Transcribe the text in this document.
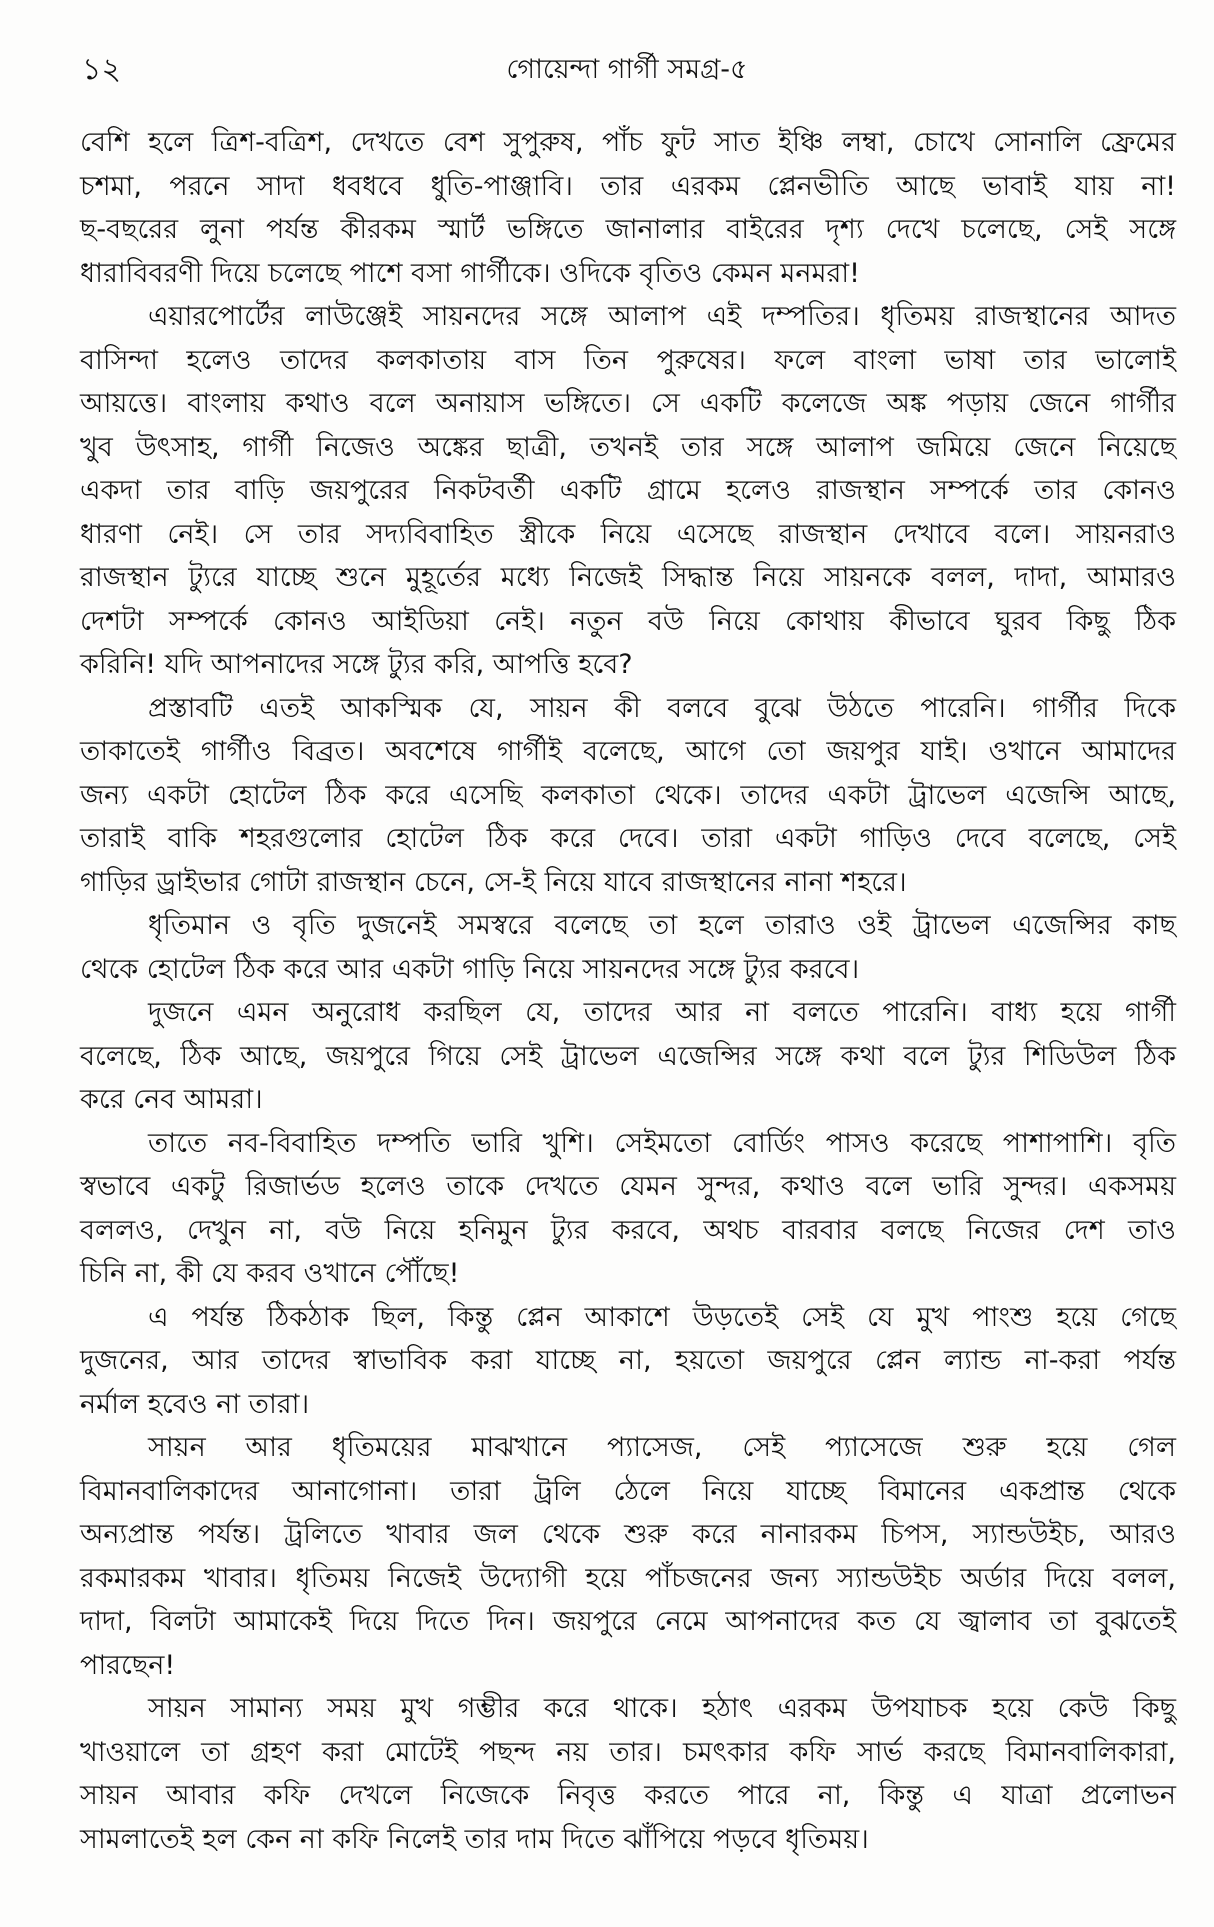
১২	গোয়েন্দা গার্গী সমগ্র-৫
বেশি হলে ত্রিশ-বত্রিশ, দেখতে বেশ সুপুরুষ, পাঁচ ফুট সাত ইঞ্চি লম্বা, চোখে সোনালি ফ্রেমের
চশমা, পরনে সাদা ধবধবে ধুতি-পাঞ্জাবি। তার এরকম প্লেনভীতি আছে ভাবাই যায় না!
ছ-বছরের লুনা পর্যন্ত কীরকম স্মার্ট ভঙ্গিতে জানালার বাইরের দৃশ্য দেখে চলেছে, সেই সঙ্গে
ধারাবিবরণী দিয়ে চলেছে পাশে বসা গার্গীকে। ওদিকে বৃতিও কেমন মনমরা!
এয়ারপোর্টের লাউঞ্জেই সায়নদের সঙ্গে আলাপ এই দম্পতির। ধৃতিময় রাজস্থানের আদত
বাসিন্দা হলেও তাদের কলকাতায় বাস তিন পুরুষের। ফলে বাংলা ভাষা তার ভালোই
আয়ত্তে। বাংলায় কথাও বলে অনায়াস ভঙ্গিতে। সে একটি কলেজে অঙ্ক পড়ায় জেনে গার্গীর
খুব উৎসাহ, গার্গী নিজেও অঙ্কের ছাত্রী, তখনই তার সঙ্গে আলাপ জমিয়ে জেনে নিয়েছে
একদা তার বাড়ি জয়পুরের নিকটবর্তী একটি গ্রামে হলেও রাজস্থান সম্পর্কে তার কোনও
ধারণা নেই। সে তার সদ্যবিবাহিত স্ত্রীকে নিয়ে এসেছে রাজস্থান দেখাবে বলে। সায়নরাও
রাজস্থান ট্যুরে যাচ্ছে শুনে মুহূর্তের মধ্যে নিজেই সিদ্ধান্ত নিয়ে সায়নকে বলল, দাদা, আমারও
দেশটা সম্পর্কে কোনও আইডিয়া নেই। নতুন বউ নিয়ে কোথায় কীভাবে ঘুরব কিছু ঠিক
করিনি! যদি আপনাদের সঙ্গে ট্যুর করি, আপত্তি হবে?
প্রস্তাবটি এতই আকস্মিক যে, সায়ন কী বলবে বুঝে উঠতে পারেনি। গার্গীর দিকে
তাকাতেই গার্গীও বিব্রত। অবশেষে গার্গীই বলেছে, আগে তো জয়পুর যাই। ওখানে আমাদের
জন্য একটা হোটেল ঠিক করে এসেছি কলকাতা থেকে। তাদের একটা ট্রাভেল এজেন্সি আছে,
তারাই বাকি শহরগুলোর হোটেল ঠিক করে দেবে। তারা একটা গাড়িও দেবে বলেছে, সেই
গাড়ির ড্রাইভার গোটা রাজস্থান চেনে, সে-ই নিয়ে যাবে রাজস্থানের নানা শহরে।
ধৃতিমান ও বৃতি দুজনেই সমস্বরে বলেছে তা হলে তারাও ওই ট্রাভেল এজেন্সির কাছ
থেকে হোটেল ঠিক করে আর একটা গাড়ি নিয়ে সায়নদের সঙ্গে ট্যুর করবে।
দুজনে এমন অনুরোধ করছিল যে, তাদের আর না বলতে পারেনি। বাধ্য হয়ে গার্গী
বলেছে, ঠিক আছে, জয়পুরে গিয়ে সেই ট্রাভেল এজেন্সির সঙ্গে কথা বলে ট্যুর শিডিউল ঠিক
করে নেব আমরা।
তাতে নব-বিবাহিত দম্পতি ভারি খুশি। সেইমতো বোর্ডিং পাসও করেছে পাশাপাশি। বৃতি
স্বভাবে একটু রিজার্ভড হলেও তাকে দেখতে যেমন সুন্দর, কথাও বলে ভারি সুন্দর। একসময়
বললও, দেখুন না, বউ নিয়ে হনিমুন ট্যুর করবে, অথচ বারবার বলছে নিজের দেশ তাও
চিনি না, কী যে করব ওখানে পৌঁছে!
এ পর্যন্ত ঠিকঠাক ছিল, কিন্তু প্লেন আকাশে উড়তেই সেই যে মুখ পাংশু হয়ে গেছে
দুজনের, আর তাদের স্বাভাবিক করা যাচ্ছে না, হয়তো জয়পুরে প্লেন ল্যান্ড না-করা পর্যন্ত
নর্মাল হবেও না তারা।
সায়ন আর ধৃতিময়ের মাঝখানে প্যাসেজ, সেই প্যাসেজে শুরু হয়ে গেল
বিমানবালিকাদের আনাগোনা। তারা ট্রলি ঠেলে নিয়ে যাচ্ছে বিমানের একপ্রান্ত থেকে
অন্যপ্রান্ত পর্যন্ত। ট্রলিতে খাবার জল থেকে শুরু করে নানারকম চিপস, স্যান্ডউইচ, আরও
রকমারকম খাবার। ধৃতিময় নিজেই উদ্যোগী হয়ে পাঁচজনের জন্য স্যান্ডউইচ অর্ডার দিয়ে বলল,
দাদা, বিলটা আমাকেই দিয়ে দিতে দিন। জয়পুরে নেমে আপনাদের কত যে জ্বালাব তা বুঝতেই
পারছেন!
সায়ন সামান্য সময় মুখ গম্ভীর করে থাকে। হঠাৎ এরকম উপযাচক হয়ে কেউ কিছু
খাওয়ালে তা গ্রহণ করা মোটেই পছন্দ নয় তার। চমৎকার কফি সার্ভ করছে বিমানবালিকারা,
সায়ন আবার কফি দেখলে নিজেকে নিবৃত্ত করতে পারে না, কিন্তু এ যাত্রা প্রলোভন
সামলাতেই হল কেন না কফি নিলেই তার দাম দিতে ঝাঁপিয়ে পড়বে ধৃতিময়।
